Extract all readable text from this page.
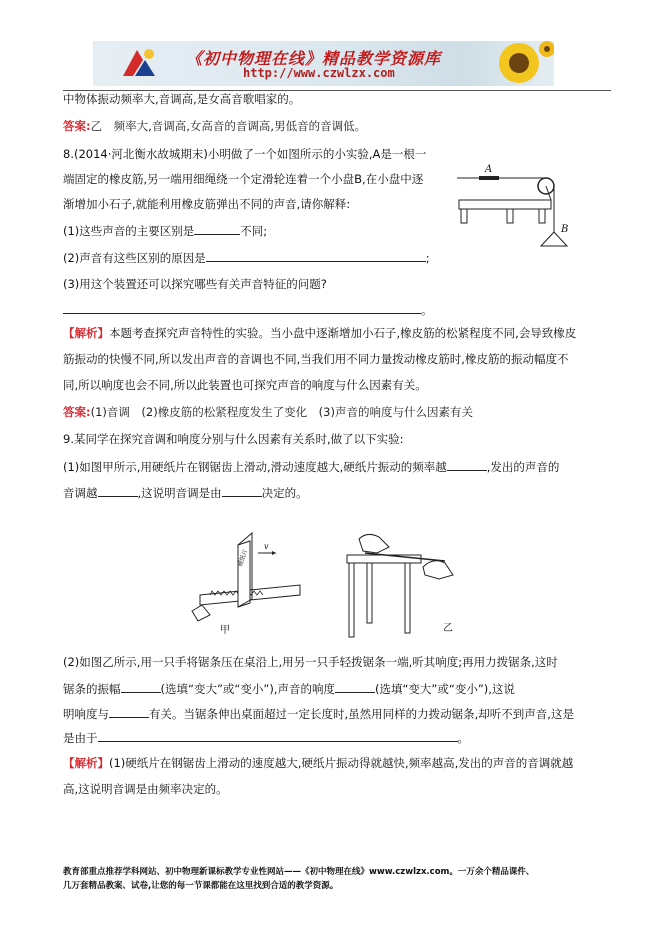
《初中物理在线》精品教学资源库
http://www.czwlzx.com
中物体振动频率大,音调高,是女高音歌唱家的。
答案:乙　频率大,音调高,女高音的音调高,男低音的音调低。
8.(2014·河北衡水故城期末)小明做了一个如图所示的小实验,A是一根一
端固定的橡皮筋,另一端用细绳绕一个定滑轮连着一个小盘B,在小盘中逐
渐增加小石子,就能利用橡皮筋弹出不同的声音,请你解释:
(1)这些声音的主要区别是	不同;
(2)声音有这些区别的原因是	;
(3)用这个装置还可以探究哪些有关声音特征的问题?
。
A
B
【解析】本题考查探究声音特性的实验。当小盘中逐渐增加小石子,橡皮筋的松紧程度不同,会导致橡皮
筋振动的快慢不同,所以发出声音的音调也不同,当我们用不同力量拨动橡皮筋时,橡皮筋的振动幅度不
同,所以响度也会不同,所以此装置也可探究声音的响度与什么因素有关。
答案:(1)音调　(2)橡皮筋的松紧程度发生了变化　(3)声音的响度与什么因素有关
9.某同学在探究音调和响度分别与什么因素有关系时,做了以下实验:
(1)如图甲所示,用硬纸片在钢锯齿上滑动,滑动速度越大,硬纸片振动的频率越	,发出的声音的
音调越	,这说明音调是由	决定的。
v
硬纸片
甲	乙
(2)如图乙所示,用一只手将锯条压在桌沿上,用另一只手轻拨锯条一端,听其响度;再用力拨锯条,这时
锯条的振幅	(选填“变大”或“变小”),声音的响度	(选填“变大”或“变小”),这说
明响度与	有关。当锯条伸出桌面超过一定长度时,虽然用同样的力拨动锯条,却听不到声音,这是
是由于	。
【解析】(1)硬纸片在钢锯齿上滑动的速度越大,硬纸片振动得就越快,频率越高,发出的声音的音调就越
高,这说明音调是由频率决定的。
教育部重点推荐学科网站、初中物理新课标教学专业性网站——《初中物理在线》www.czwlzx.com。一万余个精品课件、
几万套精品教案、试卷,让您的每一节课都能在这里找到合适的教学资源。
